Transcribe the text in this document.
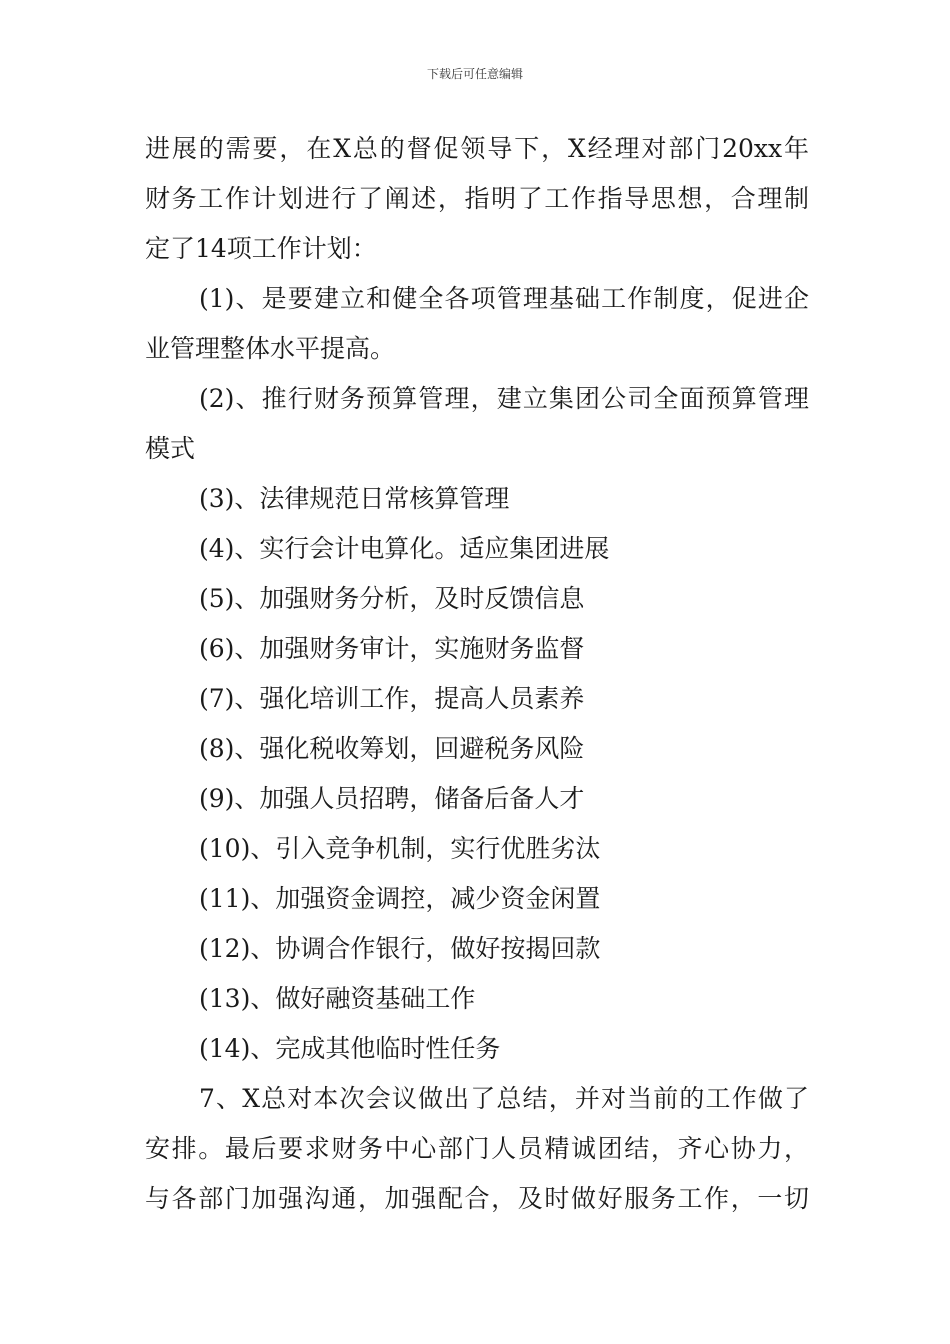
下载后可任意编辑
进展的需要，在X总的督促领导下，X经理对部门20xx年
财务工作计划进行了阐述，指明了工作指导思想，合理制
定了14项工作计划：
(1)、是要建立和健全各项管理基础工作制度，促进企
业管理整体水平提高。
(2)、推行财务预算管理，建立集团公司全面预算管理
模式
(3)、法律规范日常核算管理
(4)、实行会计电算化。适应集团进展
(5)、加强财务分析，及时反馈信息
(6)、加强财务审计，实施财务监督
(7)、强化培训工作，提高人员素养
(8)、强化税收筹划，回避税务风险
(9)、加强人员招聘，储备后备人才
(10)、引入竞争机制，实行优胜劣汰
(11)、加强资金调控，减少资金闲置
(12)、协调合作银行，做好按揭回款
(13)、做好融资基础工作
(14)、完成其他临时性任务
7、X总对本次会议做出了总结，并对当前的工作做了
安排。最后要求财务中心部门人员精诚团结，齐心协力，
与各部门加强沟通，加强配合，及时做好服务工作，一切
